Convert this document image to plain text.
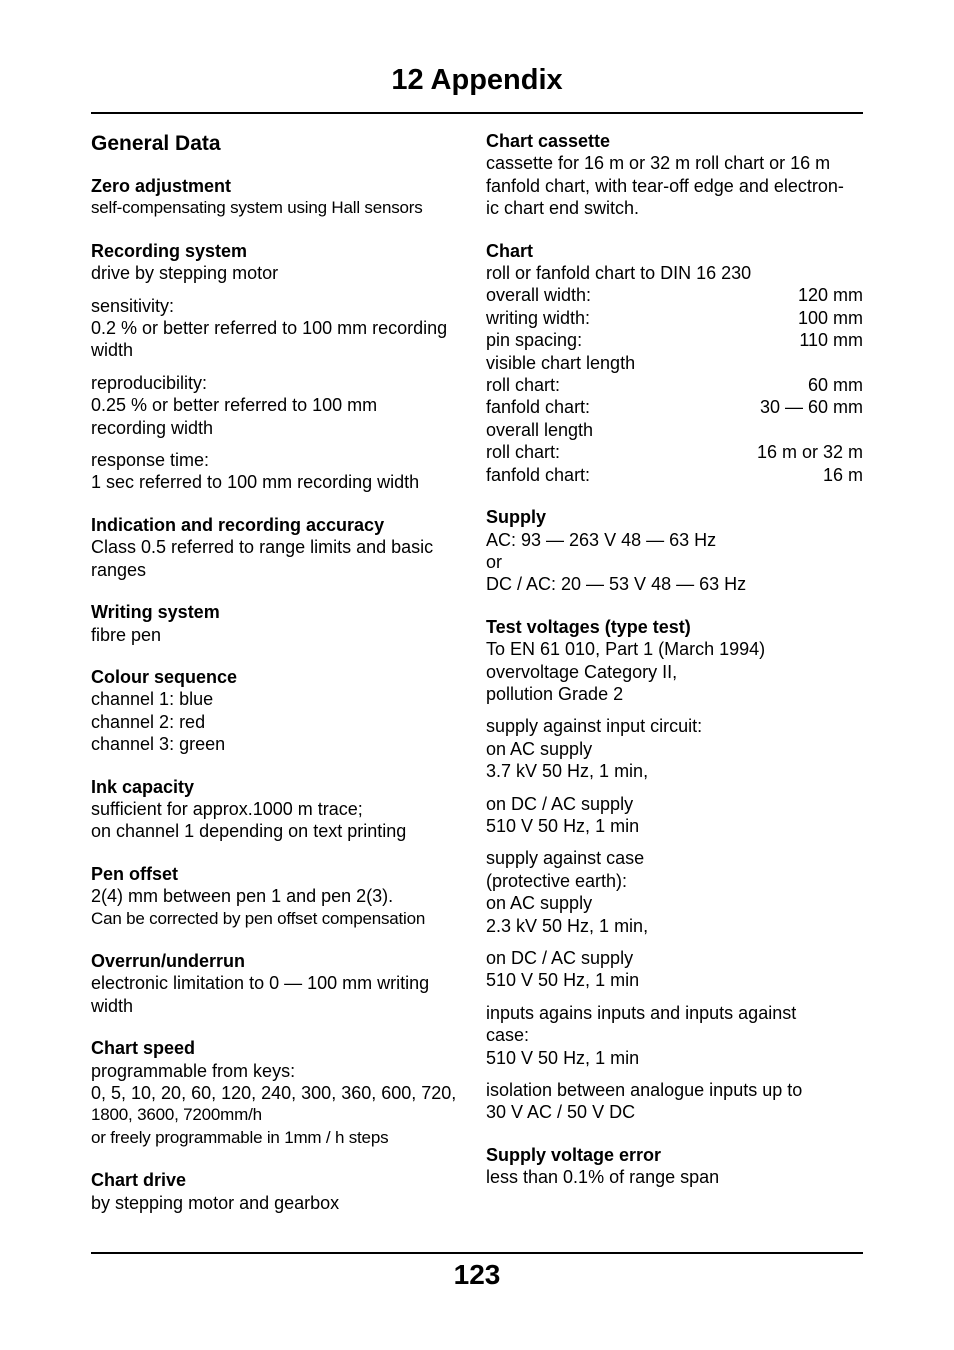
12 Appendix
General Data
Zero adjustment
self-compensating system using Hall sensors
Recording system
drive by stepping motor
sensitivity:
0.2 % or better referred to 100 mm recording
width
reproducibility:
0.25 % or better referred to 100 mm
recording width
response time:
1 sec referred to 100 mm recording width
Indication and recording accuracy
Class 0.5 referred to range limits and basic
ranges
Writing system
fibre pen
Colour sequence
channel 1: blue
channel 2: red
channel 3: green
Ink capacity
sufficient for approx.1000 m trace;
on channel 1 depending on text printing
Pen offset
2(4) mm between pen 1 and pen 2(3).
Can be corrected by pen offset compensation
Overrun/underrun
electronic limitation to 0 — 100 mm writing
width
Chart speed
programmable from keys:
0, 5, 10, 20, 60, 120, 240, 300, 360, 600, 720,
1800, 3600, 7200mm/h
or freely programmable in 1mm / h steps
Chart drive
by stepping motor and gearbox
Chart cassette
cassette for 16 m or 32 m roll chart or 16 m
fanfold chart, with tear-off edge and electron-
ic chart end switch.
Chart
roll or fanfold chart to DIN 16 230
overall width:	120 mm
writing width:	100 mm
pin spacing:	110 mm
visible chart length
roll chart:	60 mm
fanfold chart:	30 — 60 mm
overall length
roll chart:	16 m or 32 m
fanfold chart:	16 m
Supply
AC: 93 — 263 V 48 — 63 Hz
or
DC / AC: 20 — 53 V 48 — 63 Hz
Test voltages (type test)
To EN 61 010, Part 1 (March 1994)
overvoltage Category II,
pollution Grade 2
supply against input circuit:
on AC supply
3.7 kV 50 Hz, 1 min,
on DC / AC supply
510 V 50 Hz, 1 min
supply against case
(protective earth):
on AC supply
2.3 kV 50 Hz, 1 min,
on DC / AC supply
510 V 50 Hz, 1 min
inputs agains inputs and inputs against
case:
510 V 50 Hz, 1 min
isolation between analogue inputs up to
30 V AC / 50 V DC
Supply voltage error
less than 0.1% of range span
123
